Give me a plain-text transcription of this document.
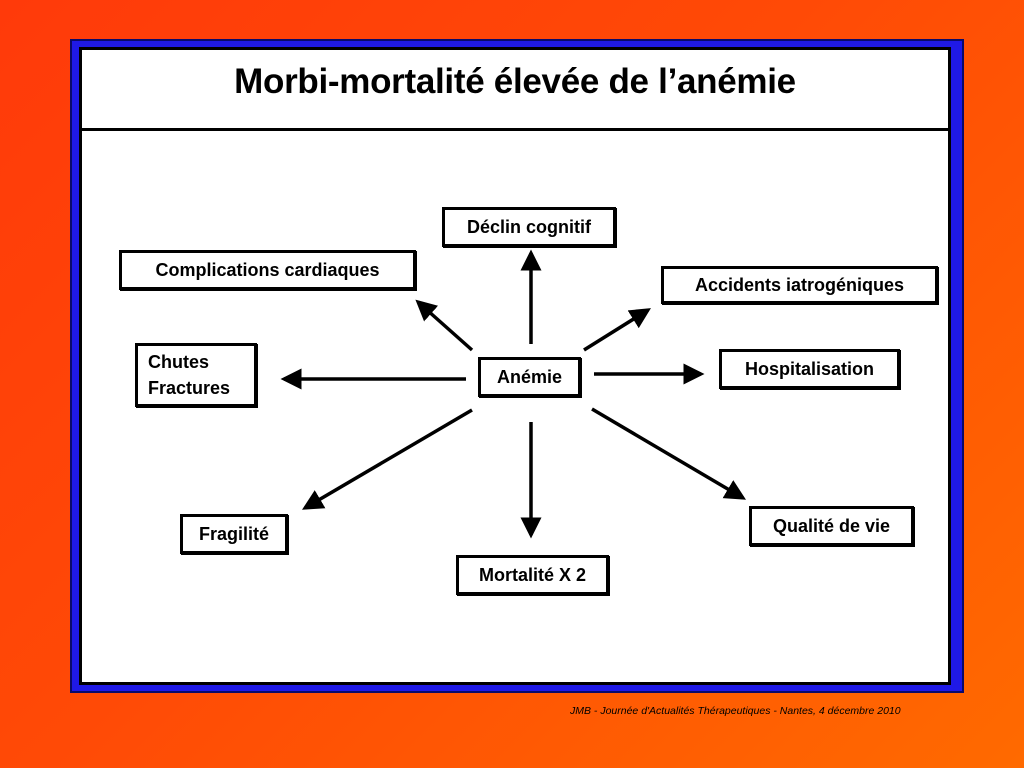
Morbi-mortalité élevée de l’anémie
Anémie
Déclin cognitif
Complications cardiaques
Accidents iatrogéniques
Chutes
Fractures
Hospitalisation
Fragilité
Mortalité X 2
Qualité de vie
JMB - Journée d'Actualités Thérapeutiques - Nantes, 4 décembre 2010
